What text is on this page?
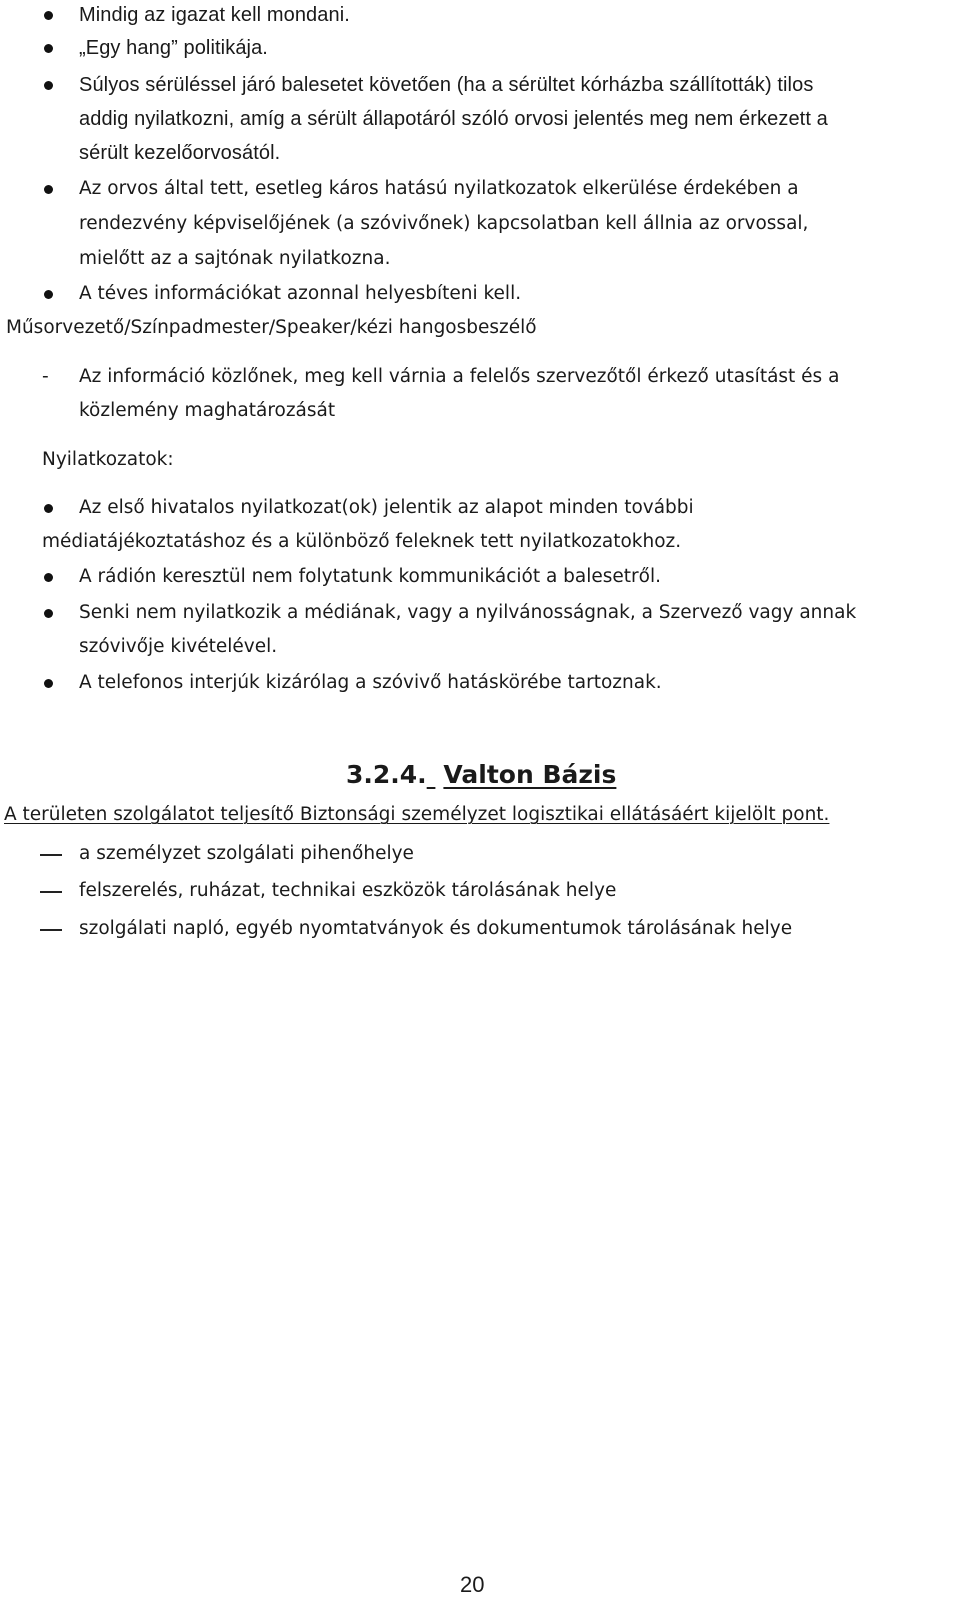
Mindig az igazat kell mondani.
„Egy hang” politikája.
Súlyos sérüléssel járó balesetet követően (ha a sérültet kórházba szállították) tilos
addig nyilatkozni, amíg a sérült állapotáról szóló orvosi jelentés meg nem érkezett a
sérült kezelőorvosától.
Az orvos által tett, esetleg káros hatású nyilatkozatok elkerülése érdekében a
rendezvény képviselőjének (a szóvivőnek) kapcsolatban kell állnia az orvossal,
mielőtt az a sajtónak nyilatkozna.
A téves információkat azonnal helyesbíteni kell.
Műsorvezető/Színpadmester/Speaker/kézi hangosbeszélő
- Az információ közlőnek, meg kell várnia a felelős szervezőtől érkező utasítást és a
közlemény maghatározását
Nyilatkozatok:
Az első hivatalos nyilatkozat(ok) jelentik az alapot minden további
médiatájékoztatáshoz és a különböző feleknek tett nyilatkozatokhoz.
A rádión keresztül nem folytatunk kommunikációt a balesetről.
Senki nem nyilatkozik a médiának, vagy a nyilvánosságnak, a Szervező vagy annak
szóvivője kivételével.
A telefonos interjúk kizárólag a szóvivő hatáskörébe tartoznak.
3.2.4. Valton Bázis
A területen szolgálatot teljesítő Biztonsági személyzet logisztikai ellátásáért kijelölt pont.
a személyzet szolgálati pihenőhelye
felszerelés, ruházat, technikai eszközök tárolásának helye
szolgálati napló, egyéb nyomtatványok és dokumentumok tárolásának helye
20
